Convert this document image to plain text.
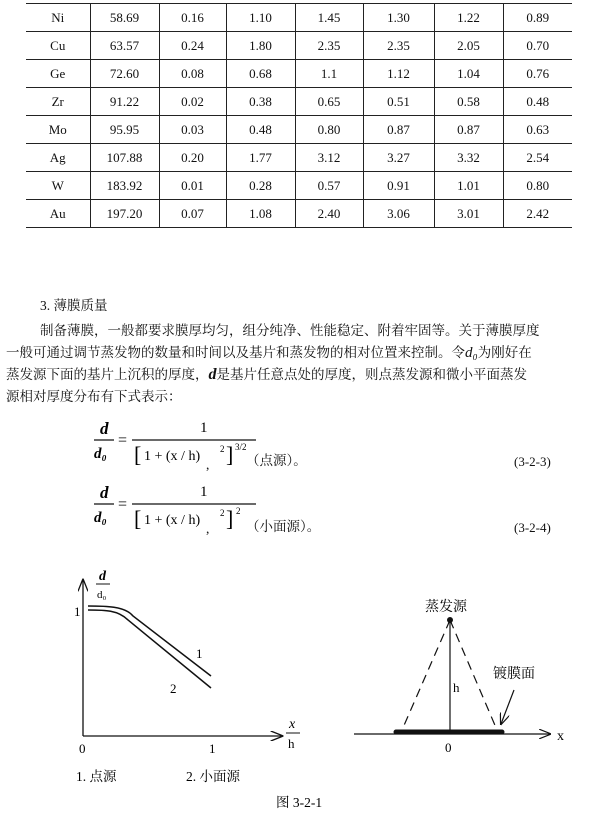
Ni	58.69	0.16	1.10	1.45	1.30	1.22	0.89
Cu	63.57	0.24	1.80	2.35	2.35	2.05	0.70
Ge	72.60	0.08	0.68	1.1	1.12	1.04	0.76
Zr	91.22	0.02	0.38	0.65	0.51	0.58	0.48
Mo	95.95	0.03	0.48	0.80	0.87	0.87	0.63
Ag	107.88	0.20	1.77	3.12	3.27	3.32	2.54
W	183.92	0.01	0.28	0.57	0.91	1.01	0.80
Au	197.20	0.07	1.08	2.40	3.06	3.01	2.42
3. 薄膜质量
制备薄膜，一般都要求膜厚均匀，组分纯净、性能稳定、附着牢固等。关于薄膜厚度
一般可通过调节蒸发物的数量和时间以及基片和蒸发物的相对位置来控制。令d₀为刚好在
蒸发源下面的基片上沉积的厚度，d是基片任意点处的厚度，则点蒸发源和微小平面蒸发
源相对厚度分布有下式表示：
d
d₀
=
1
[ 1 + (x / h) 2 ] 3/2
,	（点源）。	(3-2-3)
d
d₀
=
1
[ 1 + (x / h) 2 ] 2
,	（小面源）。	(3-2-4)
d
d₀
1
0	1
x
h
1
2
1. 点源	2. 小面源
蒸发源
h
镀膜面
0
x
图 3-2-1
